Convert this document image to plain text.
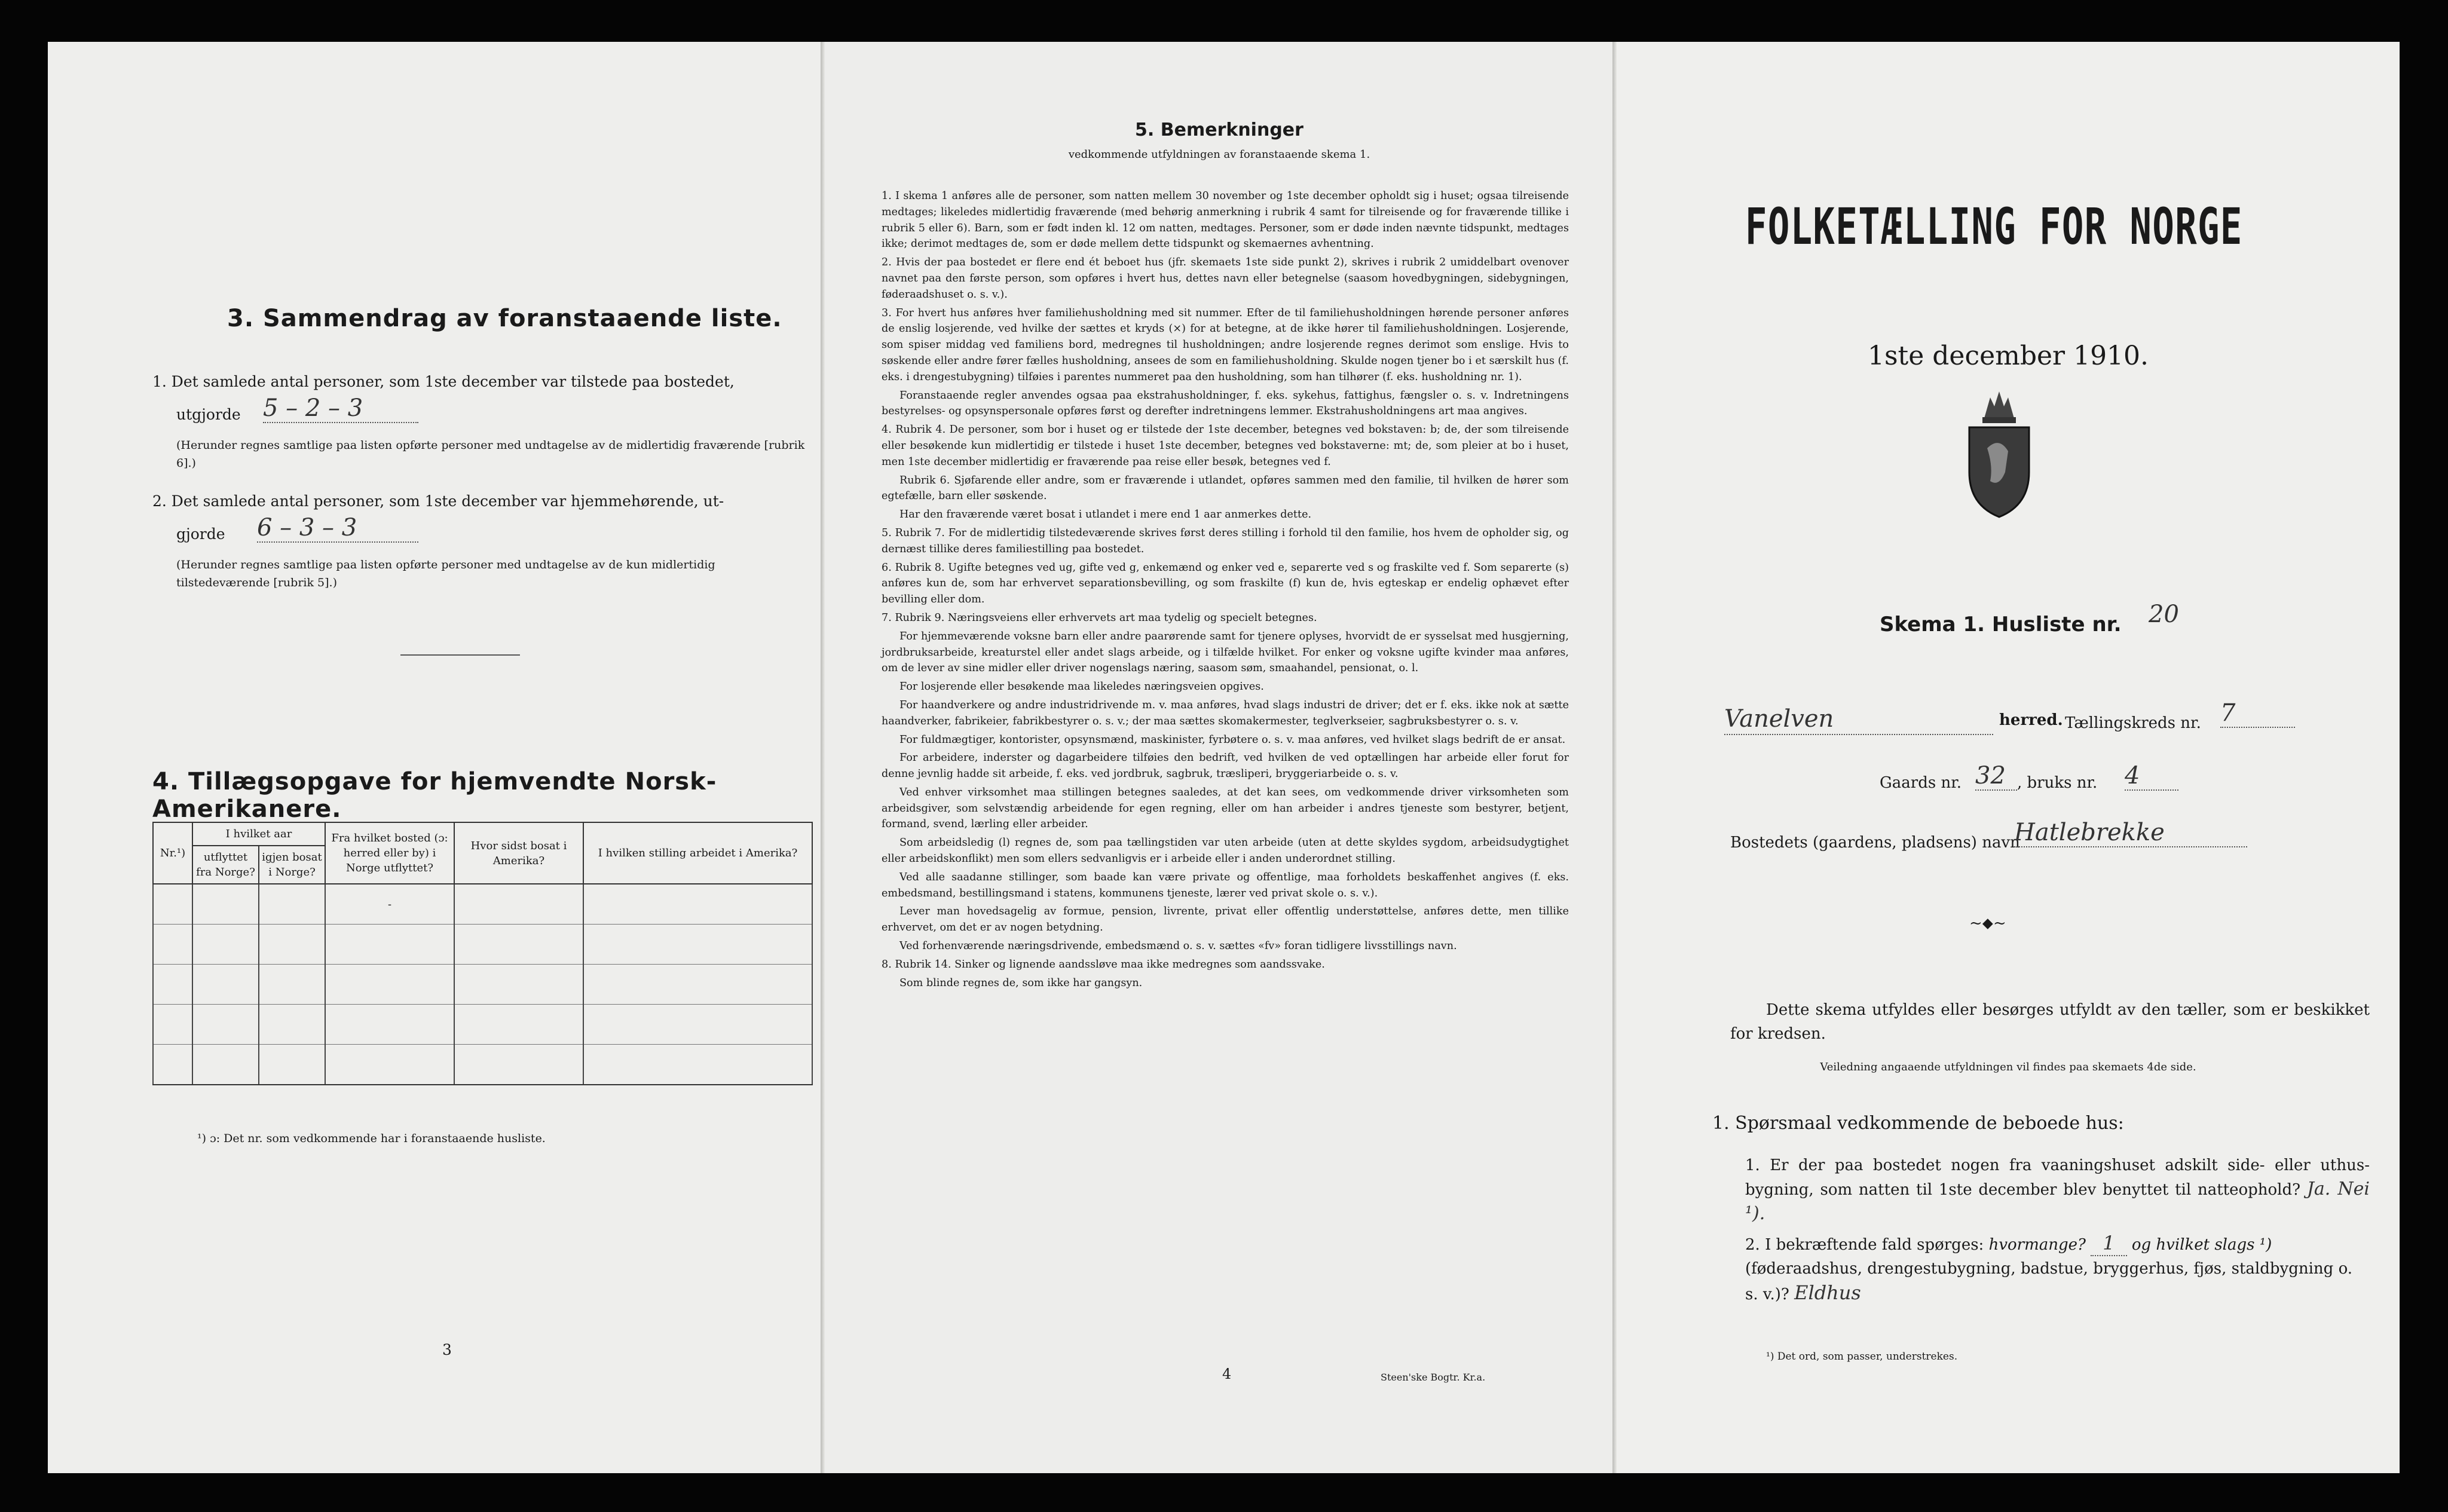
3. Sammendrag av foranstaaende liste.
1. Det samlede antal personer, som 1ste december var tilstede paa bostedet,
utgjorde 5 – 2 – 3
(Herunder regnes samtlige paa listen opførte personer med undtagelse av de midlertidig fraværende [rubrik 6].)
2. Det samlede antal personer, som 1ste december var hjemmehørende, ut-
gjorde 6 – 3 – 3
(Herunder regnes samtlige paa listen opførte personer med undtagelse av de kun midlertidig tilstedeværende [rubrik 5].)
4. Tillægsopgave for hjemvendte Norsk-Amerikanere.
Nr.¹)	I hvilket aar		Fra hvilket bosted (ɔ: herred eller by) i Norge utflyttet?	Hvor sidst bosat i Amerika?	I hvilken stilling arbeidet i Amerika?
	utflyttet fra Norge?	igjen bosat i Norge?			
			-		

¹) ɔ: Det nr. som vedkommende har i foranstaaende husliste.
3
5. Bemerkninger
vedkommende utfyldningen av foranstaaende skema 1.

1. I skema 1 anføres alle de personer, som natten mellem 30 november og 1ste december opholdt sig i huset; ogsaa tilreisende medtages; likeledes midlertidig fraværende (med behørig anmerkning i rubrik 4 samt for tilreisende og for fraværende tillike i rubrik 5 eller 6). Barn, som er født inden kl. 12 om natten, medtages. Personer, som er døde inden nævnte tidspunkt, medtages ikke; derimot medtages de, som er døde mellem dette tidspunkt og skemaernes avhentning.

2. Hvis der paa bostedet er flere end ét beboet hus (jfr. skemaets 1ste side punkt 2), skrives i rubrik 2 umiddelbart ovenover navnet paa den første person, som opføres i hvert hus, dettes navn eller betegnelse (saasom hovedbygningen, sidebygningen, føderaadshuset o. s. v.).

3. For hvert hus anføres hver familiehusholdning med sit nummer. Efter de til familiehusholdningen hørende personer anføres de enslig losjerende, ved hvilke der sættes et kryds (×) for at betegne, at de ikke hører til familiehusholdningen. Losjerende, som spiser middag ved familiens bord, medregnes til husholdningen; andre losjerende regnes derimot som enslige. Hvis to søskende eller andre fører fælles husholdning, ansees de som en familiehusholdning. Skulde nogen tjener bo i et særskilt hus (f. eks. i drengestubygning) tilføies i parentes nummeret paa den husholdning, som han tilhører (f. eks. husholdning nr. 1).

Foranstaaende regler anvendes ogsaa paa ekstrahusholdninger, f. eks. sykehus, fattighus, fængsler o. s. v. Indretningens bestyrelses- og opsynspersonale opføres først og derefter indretningens lemmer. Ekstrahusholdningens art maa angives.

4. Rubrik 4. De personer, som bor i huset og er tilstede der 1ste december, betegnes ved bokstaven: b; de, der som tilreisende eller besøkende kun midlertidig er tilstede i huset 1ste december, betegnes ved bokstaverne: mt; de, som pleier at bo i huset, men 1ste december midlertidig er fraværende paa reise eller besøk, betegnes ved f.

Rubrik 6. Sjøfarende eller andre, som er fraværende i utlandet, opføres sammen med den familie, til hvilken de hører som egtefælle, barn eller søskende.

Har den fraværende været bosat i utlandet i mere end 1 aar anmerkes dette.

5. Rubrik 7. For de midlertidig tilstedeværende skrives først deres stilling i forhold til den familie, hos hvem de opholder sig, og dernæst tillike deres familiestilling paa bostedet.

6. Rubrik 8. Ugifte betegnes ved ug, gifte ved g, enkemænd og enker ved e, separerte ved s og fraskilte ved f. Som separerte (s) anføres kun de, som har erhvervet separationsbevilling, og som fraskilte (f) kun de, hvis egteskap er endelig ophævet efter bevilling eller dom.

7. Rubrik 9. Næringsveiens eller erhvervets art maa tydelig og specielt betegnes.

For hjemmeværende voksne barn eller andre paarørende samt for tjenere oplyses, hvorvidt de er sysselsat med husgjerning, jordbruksarbeide, kreaturstel eller andet slags arbeide, og i tilfælde hvilket. For enker og voksne ugifte kvinder maa anføres, om de lever av sine midler eller driver nogenslags næring, saasom søm, smaahandel, pensionat, o. l.

For losjerende eller besøkende maa likeledes næringsveien opgives.

For haandverkere og andre industridrivende m. v. maa anføres, hvad slags industri de driver; det er f. eks. ikke nok at sætte haandverker, fabrikeier, fabrikbestyrer o. s. v.; der maa sættes skomakermester, teglverkseier, sagbruksbestyrer o. s. v.

For fuldmægtiger, kontorister, opsynsmænd, maskinister, fyrbøtere o. s. v. maa anføres, ved hvilket slags bedrift de er ansat.

For arbeidere, inderster og dagarbeidere tilføies den bedrift, ved hvilken de ved optællingen har arbeide eller forut for denne jevnlig hadde sit arbeide, f. eks. ved jordbruk, sagbruk, træsliperi, bryggeriarbeide o. s. v.

Ved enhver virksomhet maa stillingen betegnes saaledes, at det kan sees, om vedkommende driver virksomheten som arbeidsgiver, som selvstændig arbeidende for egen regning, eller om han arbeider i andres tjeneste som bestyrer, betjent, formand, svend, lærling eller arbeider.

Som arbeidsledig (l) regnes de, som paa tællingstiden var uten arbeide (uten at dette skyldes sygdom, arbeidsudygtighet eller arbeidskonflikt) men som ellers sedvanligvis er i arbeide eller i anden underordnet stilling.

Ved alle saadanne stillinger, som baade kan være private og offentlige, maa forholdets beskaffenhet angives (f. eks. embedsmand, bestillingsmand i statens, kommunens tjeneste, lærer ved privat skole o. s. v.).

Lever man hovedsagelig av formue, pension, livrente, privat eller offentlig understøttelse, anføres dette, men tillike erhvervet, om det er av nogen betydning.

Ved forhenværende næringsdrivende, embedsmænd o. s. v. sættes «fv» foran tidligere livsstillings navn.

8. Rubrik 14. Sinker og lignende aandssløve maa ikke medregnes som aandssvake.

Som blinde regnes de, som ikke har gangsyn.

4	Steen'ske Bogtr. Kr.a.
FOLKETÆLLING FOR NORGE
1ste december 1910.
Skema 1. Husliste nr. 20
Vanelven	herred. Tællingskreds nr. 7
Gaards nr. 32 , bruks nr. 4
Bostedets (gaardens, pladsens) navn
Hatlebrekke
~⬥~
Dette skema utfyldes eller besørges utfyldt av den tæller, som er beskikket for kredsen.
Veiledning angaaende utfyldningen vil findes paa skemaets 4de side.
1. Spørsmaal vedkommende de beboede hus:
1. Er der paa bostedet nogen fra vaaningshuset adskilt side- eller uthus-bygning, som natten til 1ste december blev benyttet til natteophold? Ja. Nei ¹).
2. I bekræftende fald spørges: hvormange? 1 og hvilket slags ¹) (føderaadshus, drengestubygning, badstue, bryggerhus, fjøs, staldbygning o. s. v.)? Eldhus
¹) Det ord, som passer, understrekes.
